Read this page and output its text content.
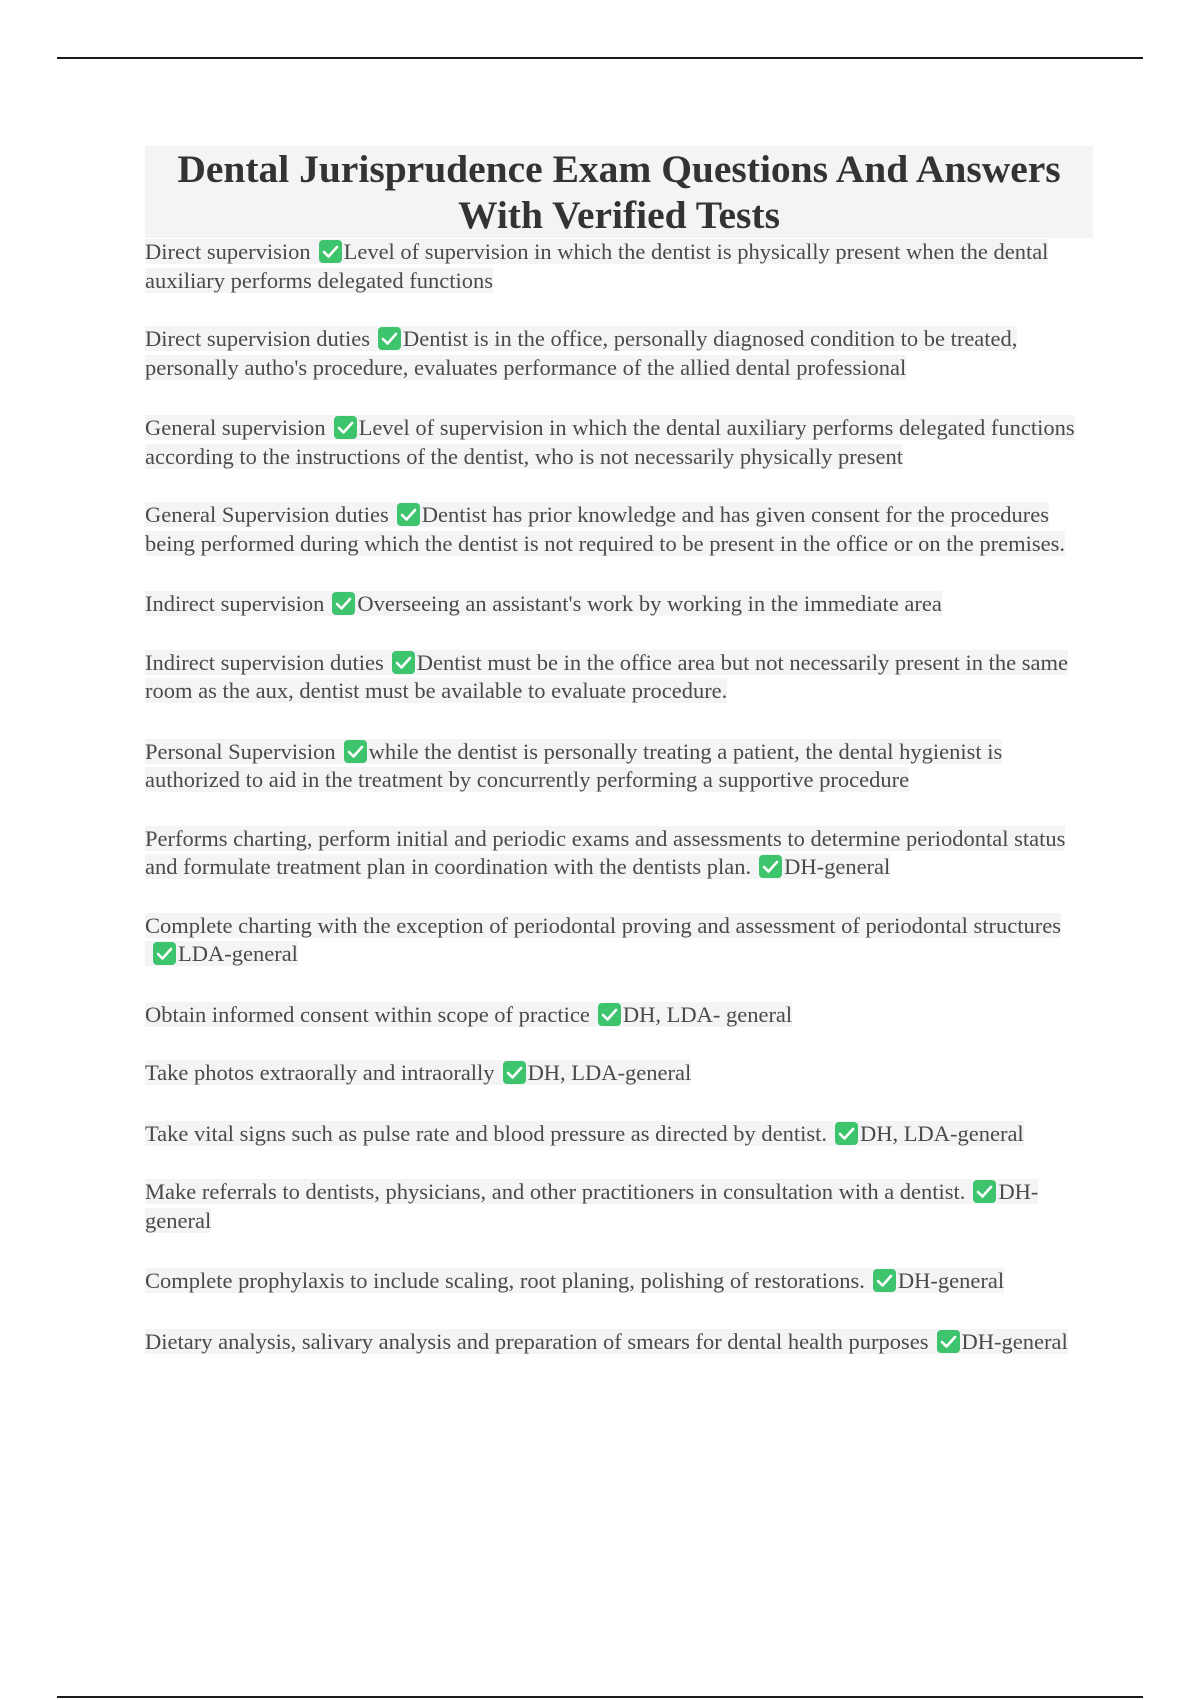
Dental Jurisprudence Exam Questions And Answers
With Verified Tests

Direct supervision Level of supervision in which the dentist is physically present when the dental auxiliary performs delegated functions

Direct supervision duties Dentist is in the office, personally diagnosed condition to be treated, personally autho's procedure, evaluates performance of the allied dental professional

General supervision Level of supervision in which the dental auxiliary performs delegated functions according to the instructions of the dentist, who is not necessarily physically present

General Supervision duties Dentist has prior knowledge and has given consent for the procedures being performed during which the dentist is not required to be present in the office or on the premises.

Indirect supervision Overseeing an assistant's work by working in the immediate area

Indirect supervision duties Dentist must be in the office area but not necessarily present in the same room as the aux, dentist must be available to evaluate procedure.

Personal Supervision while the dentist is personally treating a patient, the dental hygienist is authorized to aid in the treatment by concurrently performing a supportive procedure

Performs charting, perform initial and periodic exams and assessments to determine periodontal status and formulate treatment plan in coordination with the dentists plan. DH-general

Complete charting with the exception of periodontal proving and assessment of periodontal structures
LDA-general

Obtain informed consent within scope of practice DH, LDA- general

Take photos extraorally and intraorally DH, LDA-general

Take vital signs such as pulse rate and blood pressure as directed by dentist. DH, LDA-general

Make referrals to dentists, physicians, and other practitioners in consultation with a dentist. DH-general

Complete prophylaxis to include scaling, root planing, polishing of restorations. DH-general

Dietary analysis, salivary analysis and preparation of smears for dental health purposes DH-general
